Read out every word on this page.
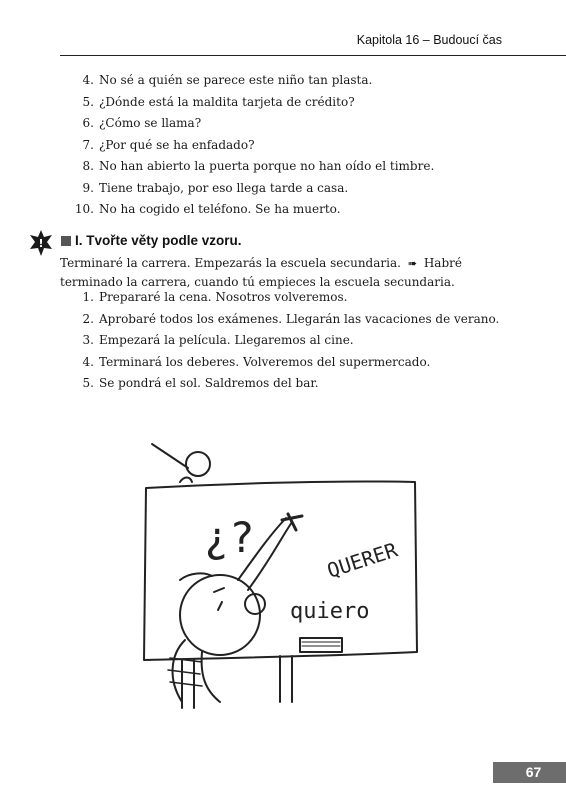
Kapitola 16 – Budoucí čas
4. No sé a quién se parece este niño tan plasta.
5. ¿Dónde está la maldita tarjeta de crédito?
6. ¿Cómo se llama?
7. ¿Por qué se ha enfadado?
8. No han abierto la puerta porque no han oído el timbre.
9. Tiene trabajo, por eso llega tarde a casa.
10. No ha cogido el teléfono. Se ha muerto.
! I. Tvořte věty podle vzoru.
Terminaré la carrera. Empezarás la escuela secundaria. ➠ Habré terminado la carrera, cuando tú empieces la escuela secundaria.
1. Prepararé la cena. Nosotros volveremos.
2. Aprobaré todos los exámenes. Llegarán las vacaciones de verano.
3. Empezará la película. Llegaremos al cine.
4. Terminará los deberes. Volveremos del supermercado.
5. Se pondrá el sol. Saldremos del bar.
¿?	QUERER
quiero
67
